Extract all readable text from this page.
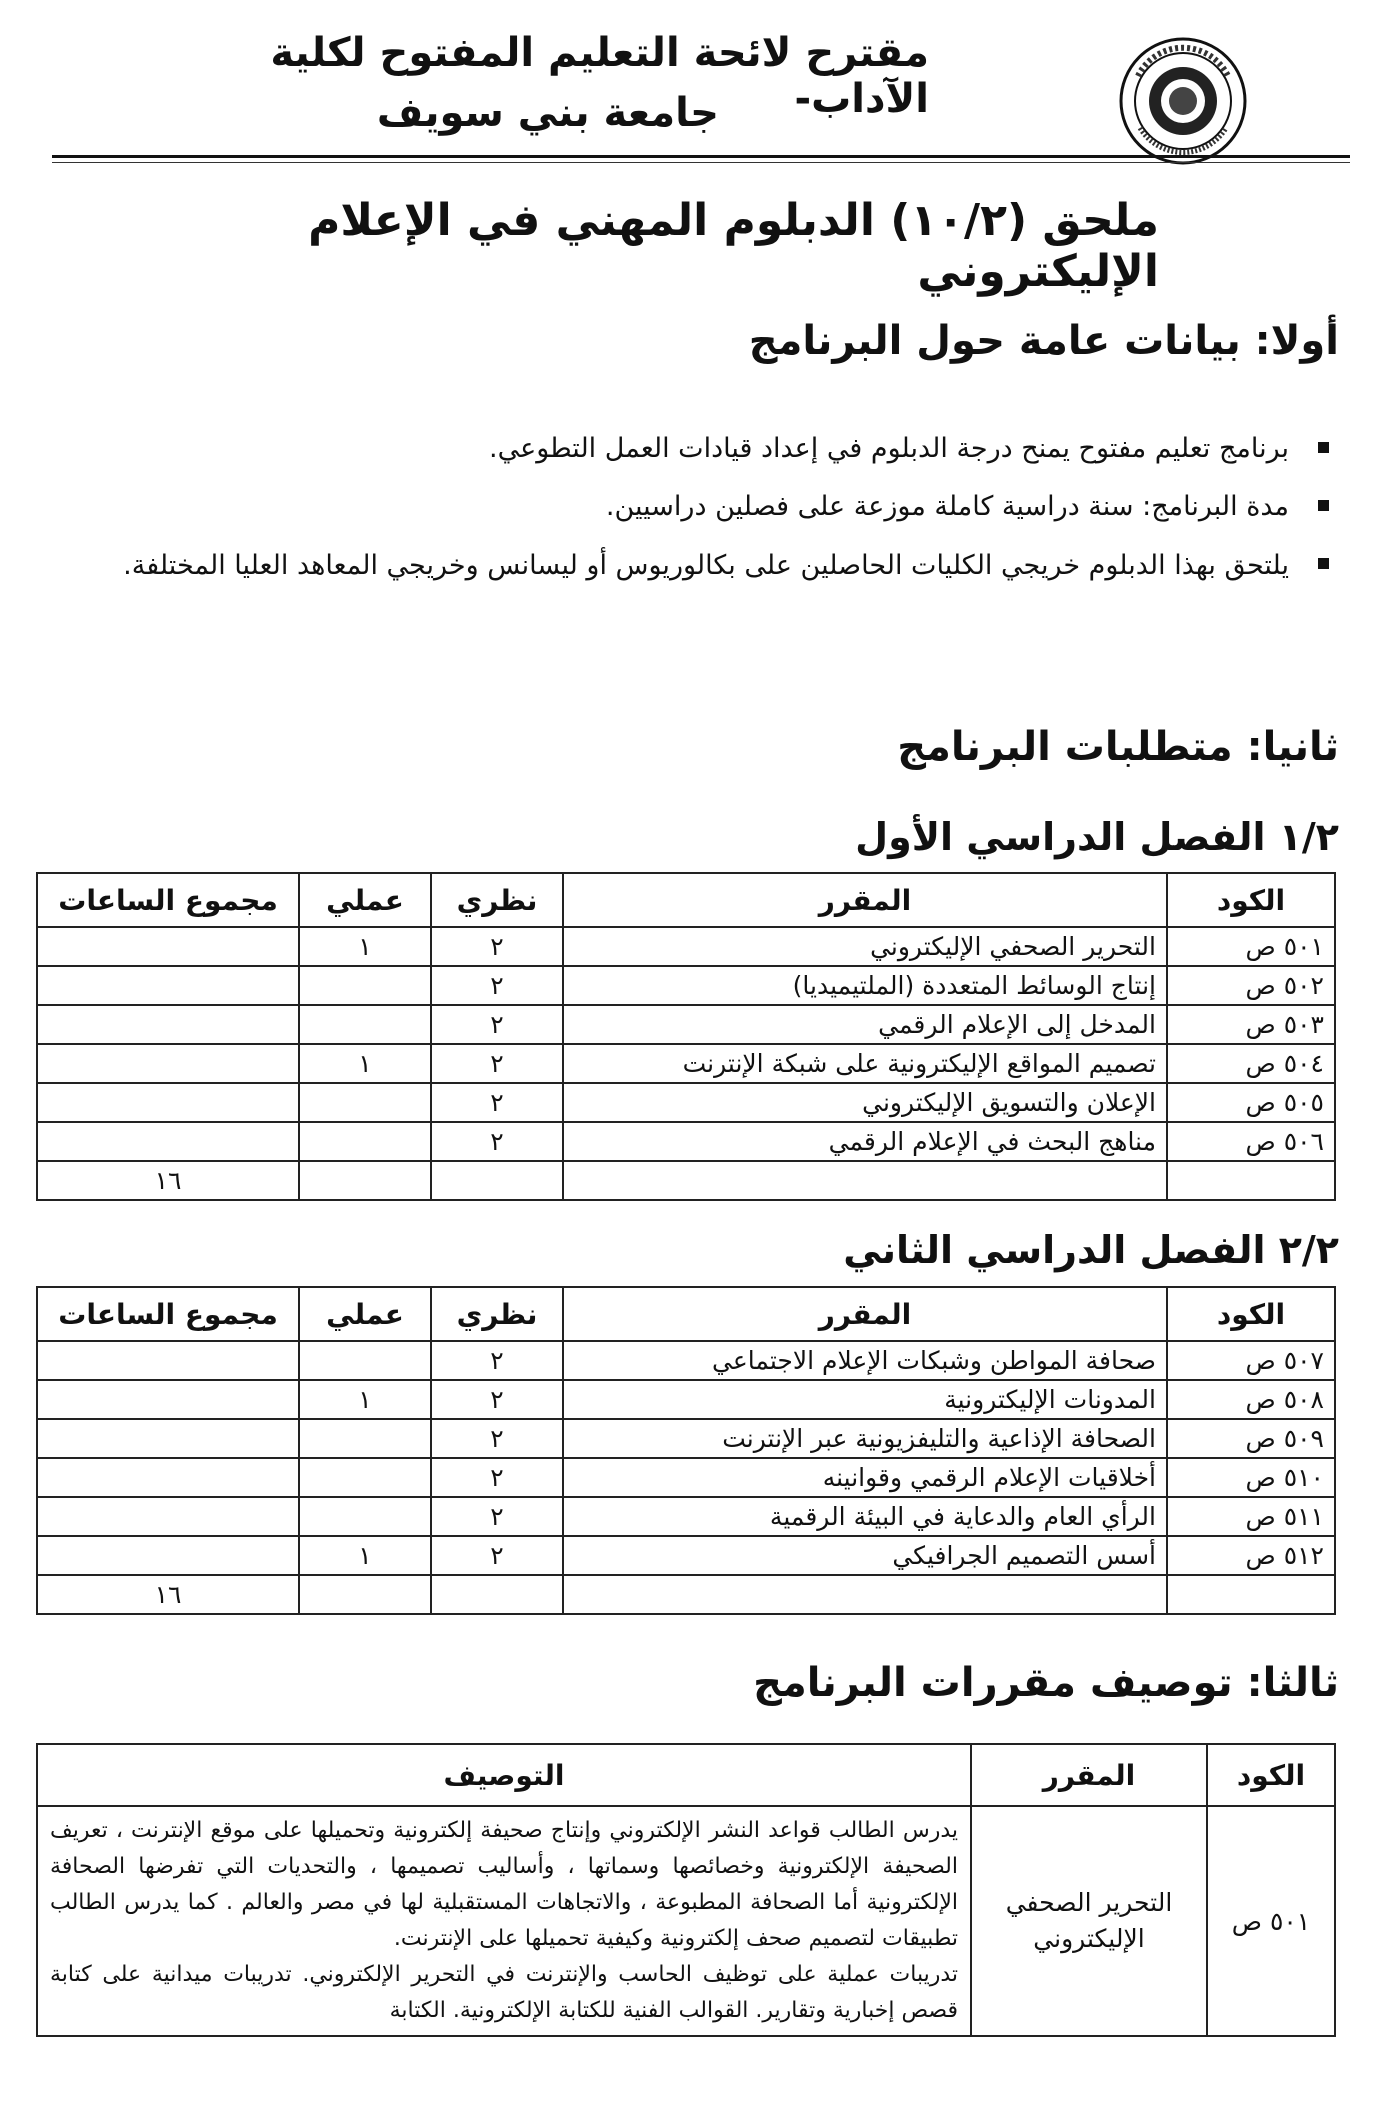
مقترح لائحة التعليم المفتوح لكلية الآداب-
جامعة بني سويف
ملحق (١٠/٢) الدبلوم المهني في الإعلام الإليكتروني
أولا: بيانات عامة حول البرنامج
برنامج تعليم مفتوح يمنح درجة الدبلوم في إعداد قيادات العمل التطوعي.
مدة البرنامج: سنة دراسية كاملة موزعة على فصلين دراسيين.
يلتحق بهذا الدبلوم خريجي الكليات الحاصلين على بكالوريوس أو ليسانس وخريجي المعاهد العليا المختلفة.
ثانيا: متطلبات البرنامج
١/٢ الفصل الدراسي الأول
الكود	المقرر	نظري	عملي	مجموع الساعات
٥٠١ ص	التحرير الصحفي الإليكتروني	٢	١	
٥٠٢ ص	إنتاج الوسائط المتعددة (الملتيميديا)	٢		
٥٠٣ ص	المدخل إلى الإعلام الرقمي	٢		
٥٠٤ ص	تصميم المواقع الإليكترونية على شبكة الإنترنت	٢	١	
٥٠٥ ص	الإعلان والتسويق الإليكتروني	٢		
٥٠٦ ص	مناهج البحث في الإعلام الرقمي	٢		
				١٦
٢/٢ الفصل الدراسي الثاني
الكود	المقرر	نظري	عملي	مجموع الساعات
٥٠٧ ص	صحافة المواطن وشبكات الإعلام الاجتماعي	٢		
٥٠٨ ص	المدونات الإليكترونية	٢	١	
٥٠٩ ص	الصحافة الإذاعية والتليفزيونية عبر الإنترنت	٢		
٥١٠ ص	أخلاقيات الإعلام الرقمي وقوانينه	٢		
٥١١ ص	الرأي العام والدعاية في البيئة الرقمية	٢		
٥١٢ ص	أسس التصميم الجرافيكي	٢	١	
				١٦
ثالثا: توصيف مقررات البرنامج
الكود	المقرر	التوصيف
٥٠١ ص	التحرير الصحفي الإليكتروني	يدرس الطالب قواعد النشر الإلكتروني وإنتاج صحيفة إلكترونية وتحميلها على موقع الإنترنت ، تعريف الصحيفة الإلكترونية وخصائصها وسماتها ، وأساليب تصميمها ، والتحديات التي تفرضها الصحافة الإلكترونية أما الصحافة المطبوعة ، والاتجاهات المستقبلية لها في مصر والعالم . كما يدرس الطالب تطبيقات لتصميم صحف إلكترونية وكيفية تحميلها على الإنترنت.

تدريبات عملية على توظيف الحاسب والإنترنت في التحرير الإلكتروني. تدريبات ميدانية على كتابة قصص إخبارية وتقارير. القوالب الفنية للكتابة الإلكترونية. الكتابة
